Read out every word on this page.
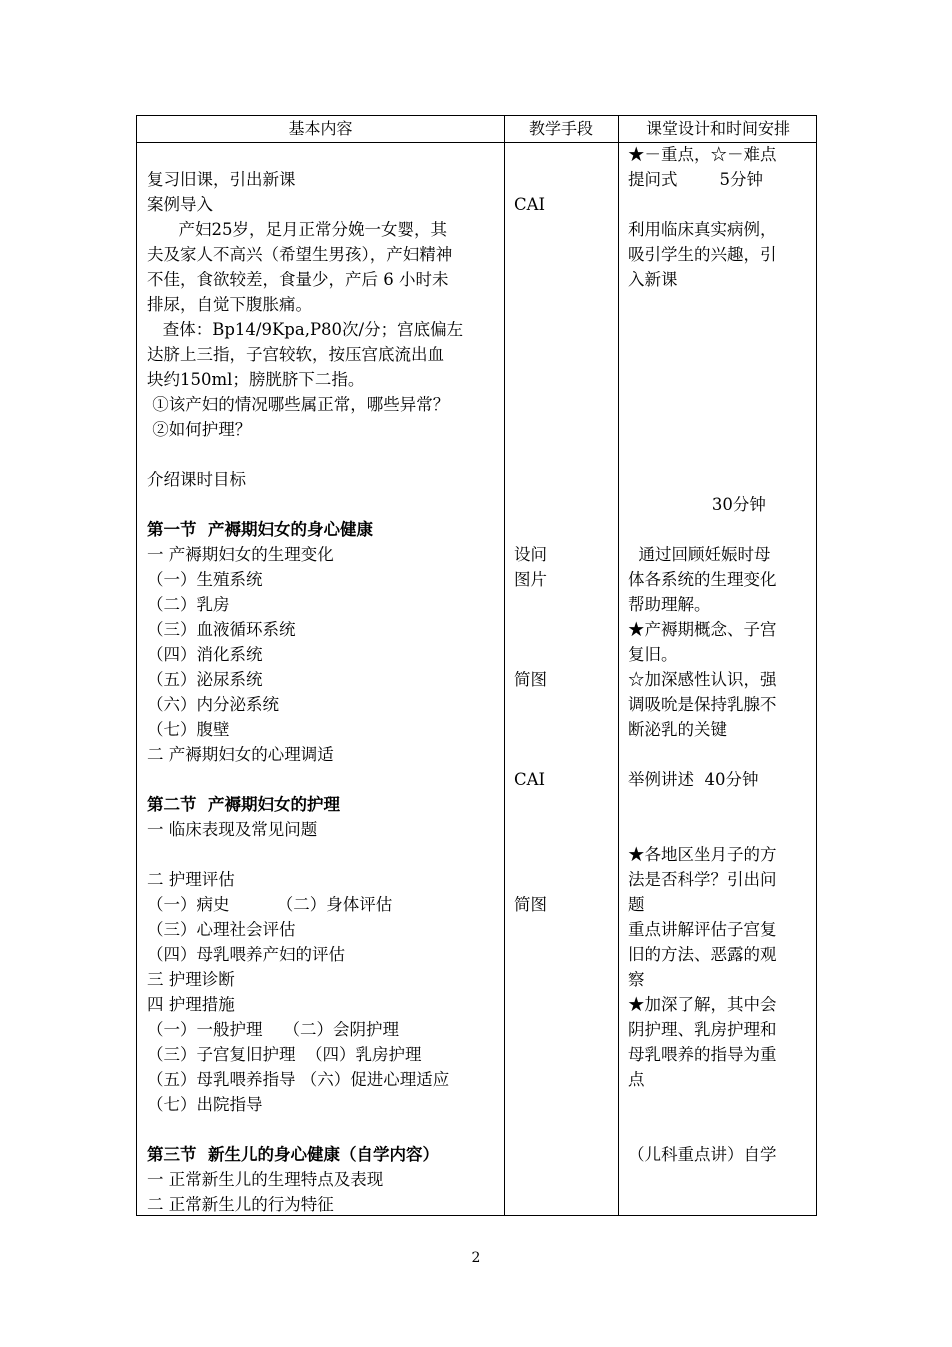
基本内容	教学手段	课堂设计和时间安排
复习旧课，引出新课
案例导入
产妇25岁，足月正常分娩一女婴，其
夫及家人不高兴（希望生男孩），产妇精神
不佳，食欲较差，食量少，产后 6 小时未
排尿，自觉下腹胀痛。
查体：Bp14/9Kpa,P80次/分；宫底偏左
达脐上三指，子宫较软，按压宫底流出血
块约150ml；膀胱脐下二指。
①该产妇的情况哪些属正常，哪些异常？
②如何护理？
介绍课时目标
第一节  产褥期妇女的身心健康
一 产褥期妇女的生理变化
（一）生殖系统
（二）乳房
（三）血液循环系统
（四）消化系统
（五）泌尿系统
（六）内分泌系统
（七）腹壁
二 产褥期妇女的心理调适
第二节  产褥期妇女的护理
一 临床表现及常见问题
二 护理评估
（一）病史         （二）身体评估
（三）心理社会评估
（四）母乳喂养产妇的评估
三 护理诊断
四 护理措施
（一）一般护理    （二）会阴护理
（三）子宫复旧护理  （四）乳房护理
（五）母乳喂养指导 （六）促进心理适应
（七）出院指导
第三节  新生儿的身心健康（自学内容）
一 正常新生儿的生理特点及表现
二 正常新生儿的行为特征
CAI
设问
图片
简图
CAI
简图
★－重点，☆－难点
提问式        5分钟
利用临床真实病例，
吸引学生的兴趣，引
入新课
30分钟
通过回顾妊娠时母
体各系统的生理变化
帮助理解。
★产褥期概念、子宫
复旧。
☆加深感性认识，强
调吸吮是保持乳腺不
断泌乳的关键
举例讲述  40分钟
★各地区坐月子的方
法是否科学？引出问
题
重点讲解评估子宫复
旧的方法、恶露的观
察
★加深了解，其中会
阴护理、乳房护理和
母乳喂养的指导为重
点
（儿科重点讲）自学
2
